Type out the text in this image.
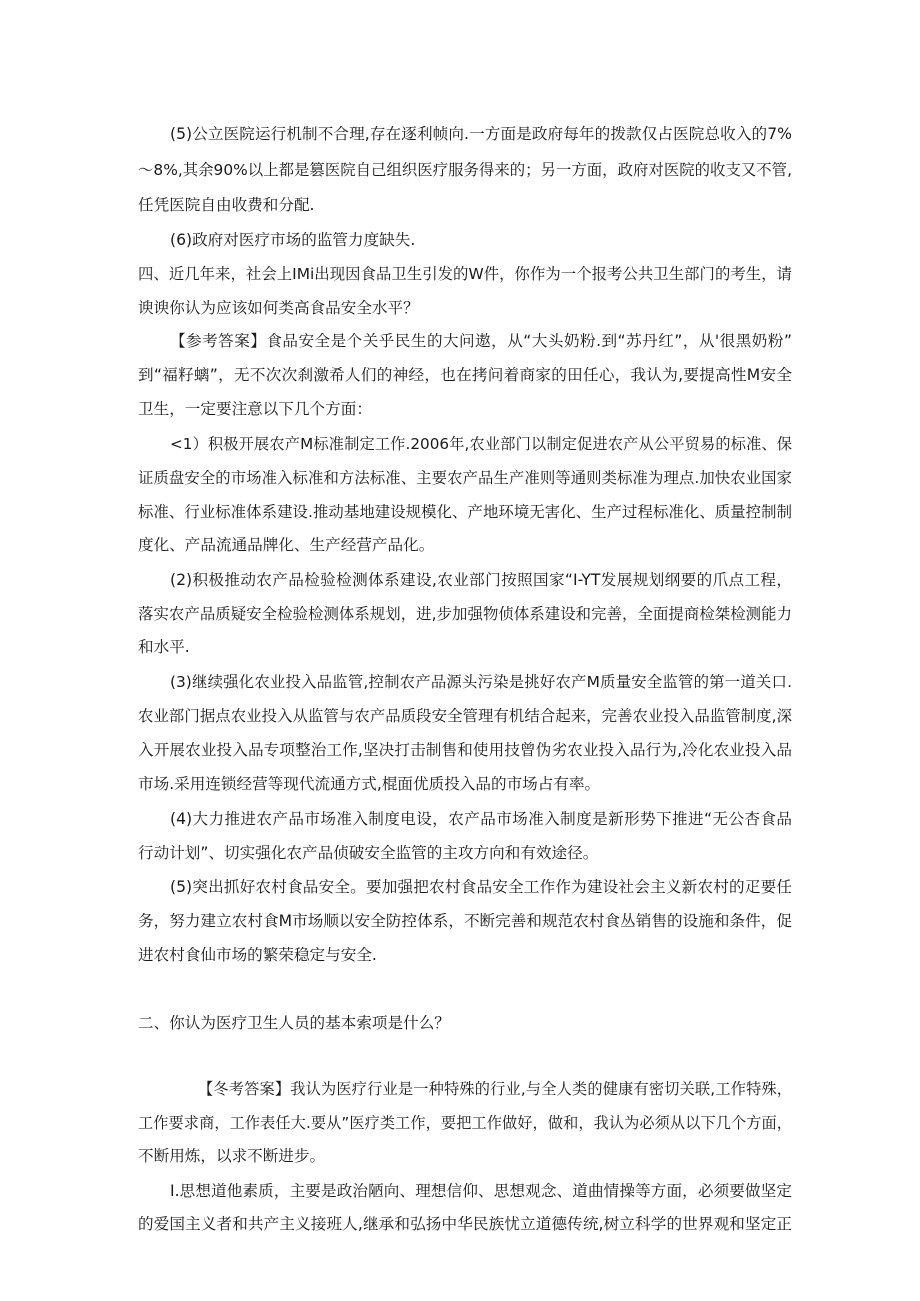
(5)公立医院运行机制不合理,存在逐利帧向.一方面是政府每年的拨款仅占医院总收入的7%
～8%,其余90%以上都是篡医院自己组织医疗服务得来的；另一方面，政府对医院的收支又不管,
任凭医院自由收费和分配.
(6)政府对医疗市场的监管力度缺失.
四、近几年来，社会上IMi出现因食品卫生引发的W件，你作为一个报考公共卫生部门的考生，请
谀谀你认为应该如何类高食品安全水平？
【参考答案】食品安全是个关乎民生的大问遨，从“大头奶粉.到“苏丹红”，从'很黑奶粉”
到“福籽螭”，无不次次刹激希人们的神经，也在拷问着商家的田任心，我认为,要提高性M安全
卫生，一定要注意以下几个方面：
<1）积极开展农产M标准制定工作.2006年,农业部门以制定促进农产从公平贸易的标准、保
证质盘安全的市场准入标准和方法标准、主要农产品生产准则等通则类标准为理点.加快农业国家
标准、行业标准体系建设.推动基地建设规模化、产地环境无害化、生产过程标准化、质量控制制
度化、产品流通品牌化、生产经营产品化。
(2)积极推动农产品检验检测体系建设,农业部门按照国家“I-YT发展规划纲要的爪点工程，
落实农产品质疑安全检验检测体系规划，进,步加强物侦体系建设和完善，全面提商检桀检测能力
和水平.
(3)继续强化农业投入品监管,控制农产品源头污染是挑好农产M质量安全监管的第一道关口.
农业部门据点农业投入从监管与农产品质段安全管理有机结合起来，完善农业投入品监管制度,深
入开展农业投入品专项整治工作,坚决打击制售和使用技曾伪劣农业投入品行为,冷化农业投入品
市场.采用连锁经营等现代流通方式,棍面优质投入品的市场占有率。
(4)大力推进农产品市场准入制度电设，农产品市场准入制度是新形势下推进“无公杏食品
行动计划”、切实强化农产品侦破安全监管的主攻方向和有效途径。
(5)突出抓好农村食品安全。要加强把农村食品安全工作作为建设社会主义新农村的疋要任
务，努力建立农村食M市场顺以安全防控体系，不断完善和规范农村食丛销售的设施和条件，促
进农村食仙市场的繁荣稳定与安全.
二、你认为医疗卫生人员的基本索项是什么？
【冬考答案】我认为医疗行业是一种特殊的行业,与全人类的健康有密切关联,工作特殊，
工作要求商，工作表任大.要从”医疗类工作，要把工作做好，做和，我认为必须从以下几个方面，
不断用炼，以求不断进步。
I.思想道他素质，主要是政治陋向、理想信仰、思想观念、道曲情操等方面，必须要做坚定
的爱国主义者和共产主义接班人,继承和弘扬中华民族忧立道德传统,树立科学的世界观和坚定正
